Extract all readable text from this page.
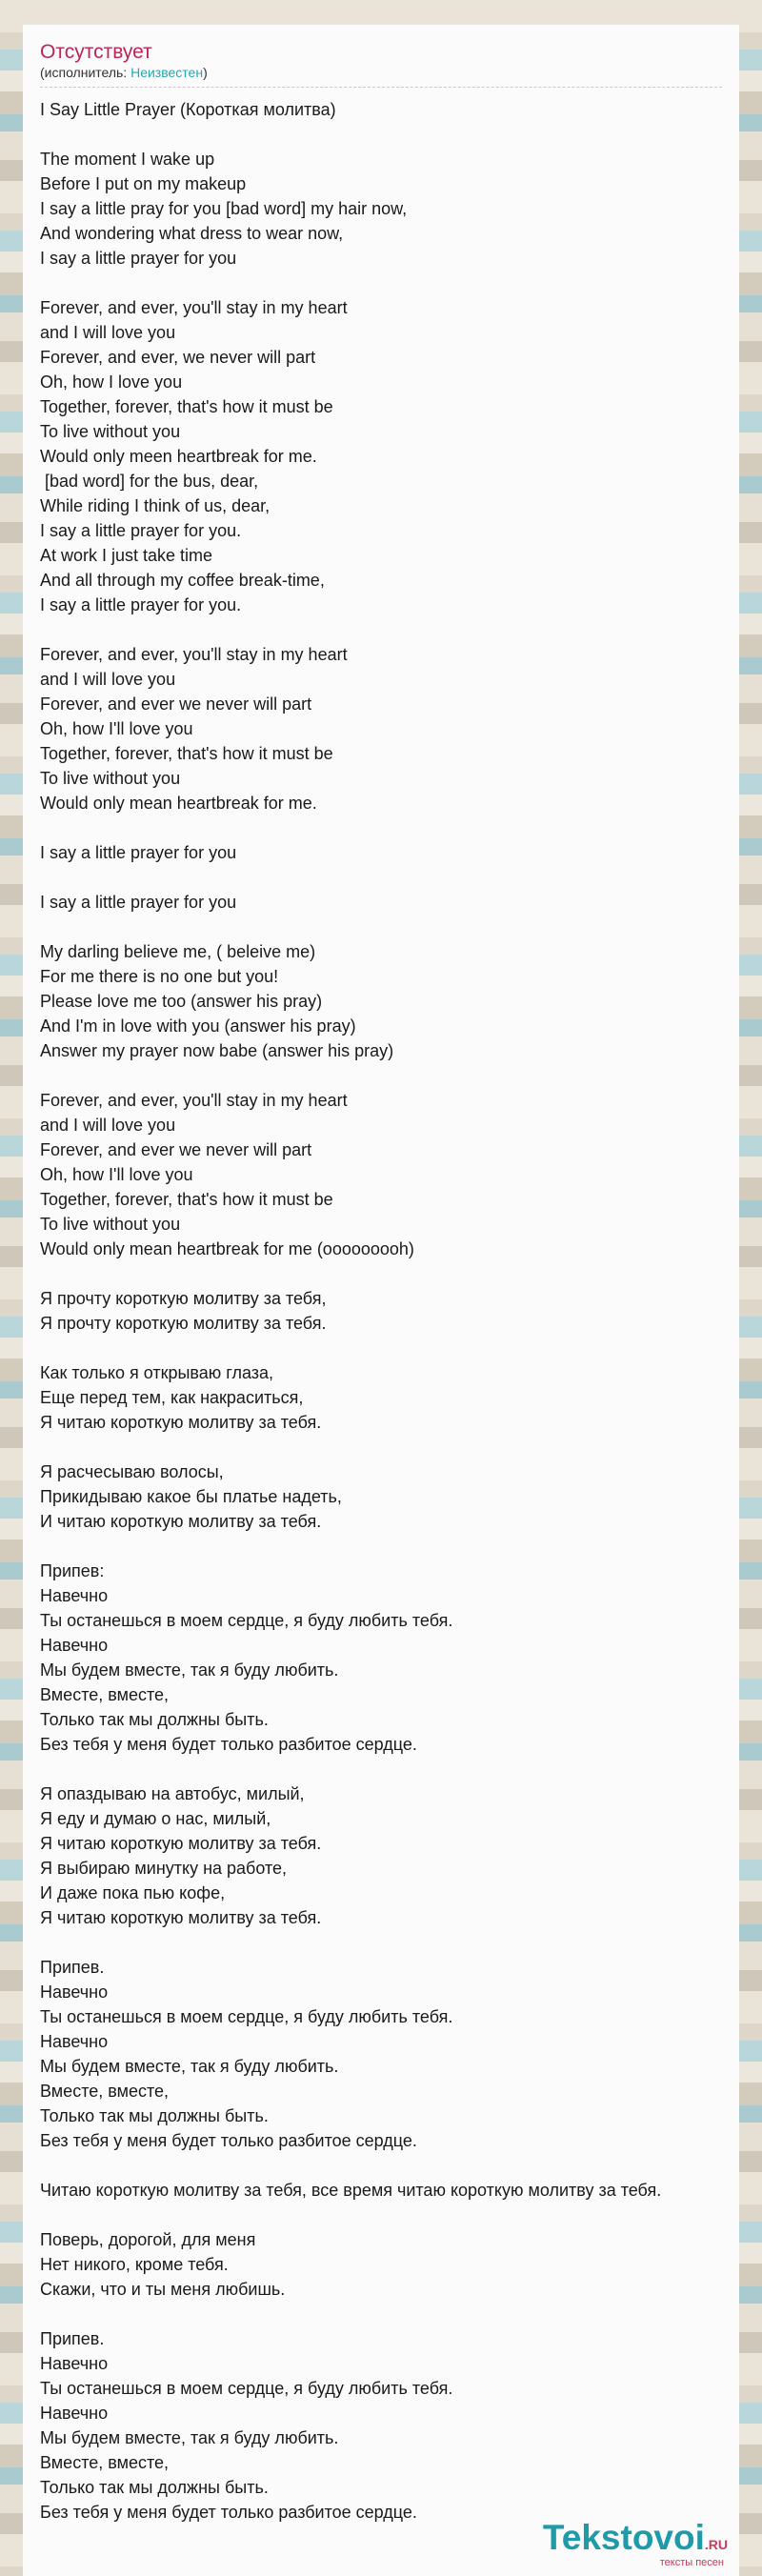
Отсутствует
(исполнитель: Неизвестен)
I Say Little Prayer (Короткая молитва)
The moment I wake up
Before I put on my makeup
I say a little pray for you [bad word] my hair now,
And wondering what dress to wear now,
I say a little prayer for you
Forever, and ever, you'll stay in my heart
and I will love you
Forever, and ever, we never will part
Oh, how I love you
Together, forever, that's how it must be
To live without you
Would only meen heartbreak for me.
[bad word] for the bus, dear,
While riding I think of us, dear,
I say a little prayer for you.
At work I just take time
And all through my coffee break-time,
I say a little prayer for you.
Forever, and ever, you'll stay in my heart
and I will love you
Forever, and ever we never will part
Oh, how I'll love you
Together, forever, that's how it must be
To live without you
Would only mean heartbreak for me.
I say a little prayer for you
I say a little prayer for you
My darling believe me, ( beleive me)
For me there is no one but you!
Please love me too (answer his pray)
And I'm in love with you (answer his pray)
Answer my prayer now babe (answer his pray)
Forever, and ever, you'll stay in my heart
and I will love you
Forever, and ever we never will part
Oh, how I'll love you
Together, forever, that's how it must be
To live without you
Would only mean heartbreak for me (ooooooooh)
Я прочту короткую молитву за тебя,
Я прочту короткую молитву за тебя.
Как только я открываю глаза,
Еще перед тем, как накраситься,
Я читаю короткую молитву за тебя.
Я расчесываю волосы,
Прикидываю какое бы платье надеть,
И читаю короткую молитву за тебя.
Припев:
Навечно
Ты останешься в моем сердце, я буду любить тебя.
Навечно
Мы будем вместе, так я буду любить.
Вместе, вместе,
Только так мы должны быть.
Без тебя у меня будет только разбитое сердце.
Я опаздываю на автобус, милый,
Я еду и думаю о нас, милый,
Я читаю короткую молитву за тебя.
Я выбираю минутку на работе,
И даже пока пью кофе,
Я читаю короткую молитву за тебя.
Припев.
Навечно
Ты останешься в моем сердце, я буду любить тебя.
Навечно
Мы будем вместе, так я буду любить.
Вместе, вместе,
Только так мы должны быть.
Без тебя у меня будет только разбитое сердце.
Читаю короткую молитву за тебя, все время читаю короткую молитву за тебя.
Поверь, дорогой, для меня
Нет никого, кроме тебя.
Скажи, что и ты меня любишь.
Припев.
Навечно
Ты останешься в моем сердце, я буду любить тебя.
Навечно
Мы будем вместе, так я буду любить.
Вместе, вместе,
Только так мы должны быть.
Без тебя у меня будет только разбитое сердце.
Tekstovoi.RU
тексты песен
